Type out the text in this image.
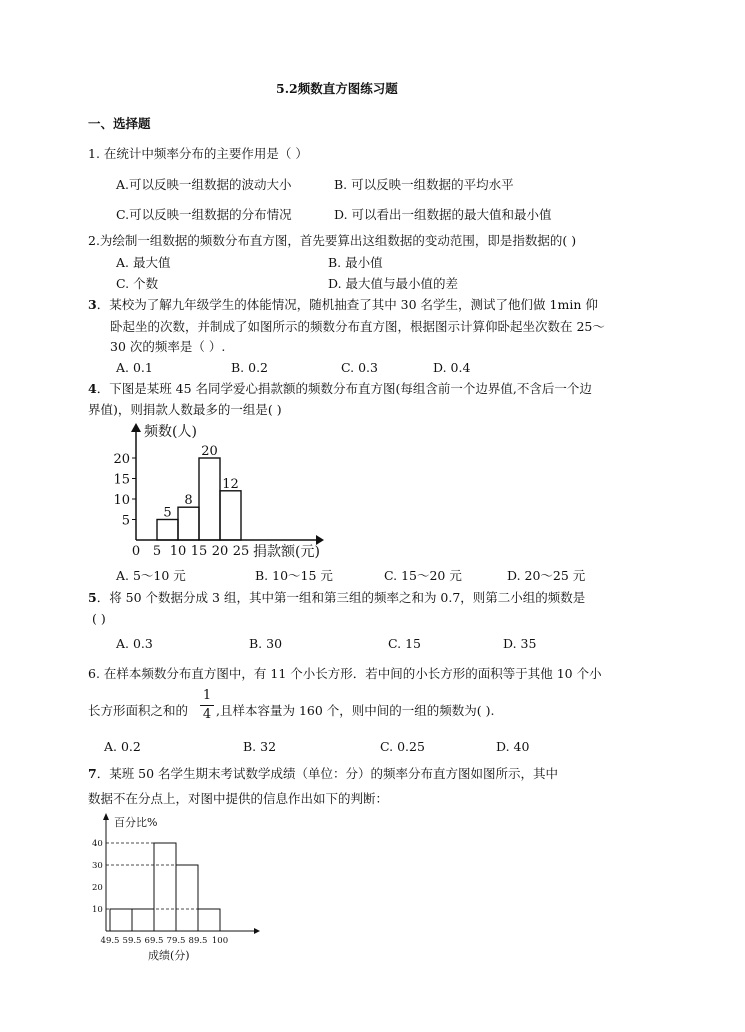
5.2频数直方图练习题
一、选择题
1. 在统计中频率分布的主要作用是（ ）
A.可以反映一组数据的波动大小	B. 可以反映一组数据的平均水平
C.可以反映一组数据的分布情况	D. 可以看出一组数据的最大值和最小值
2.为绘制一组数据的频数分布直方图，首先要算出这组数据的变动范围，即是指数据的( )
A. 最大值	B. 最小值
C. 个数	D. 最大值与最小值的差
3．某校为了解九年级学生的体能情况，随机抽查了其中 30 名学生，测试了他们做 1min 仰
卧起坐的次数，并制成了如图所示的频数分布直方图，根据图示计算仰卧起坐次数在 25～
30 次的频率是（ ）.
A. 0.1	B. 0.2	C. 0.3	D. 0.4
4．下图是某班 45 名同学爱心捐款额的频数分布直方图(每组含前一个边界值,不含后一个边
界值)，则捐款人数最多的一组是( )
频数(人)
捐款额(元)
0 5 10 15 20 25
5
10
15
20
5
8
20
12
A. 5～10 元	B. 10～15 元	C. 15～20 元	D. 20～25 元
5．将 50 个数据分成 3 组，其中第一组和第三组的频率之和为 0.7，则第二小组的频数是
( )
A. 0.3	B. 30	C. 15	D. 35
6. 在样本频数分布直方图中，有 11 个小长方形．若中间的小长方形的面积等于其他 10 个小
长方形面积之和的
1
4 ,且样本容量为 160 个，则中间的一组的频数为( ).
A. 0.2	B. 32	C. 0.25	D. 40
7．某班 50 名学生期末考试数学成绩（单位：分）的频率分布直方图如图所示，其中
数据不在分点上，对图中提供的信息作出如下的判断：
百分比%
成绩(分)
10
20
30
40
49.5 59.5 69.5 79.5 89.5 100
